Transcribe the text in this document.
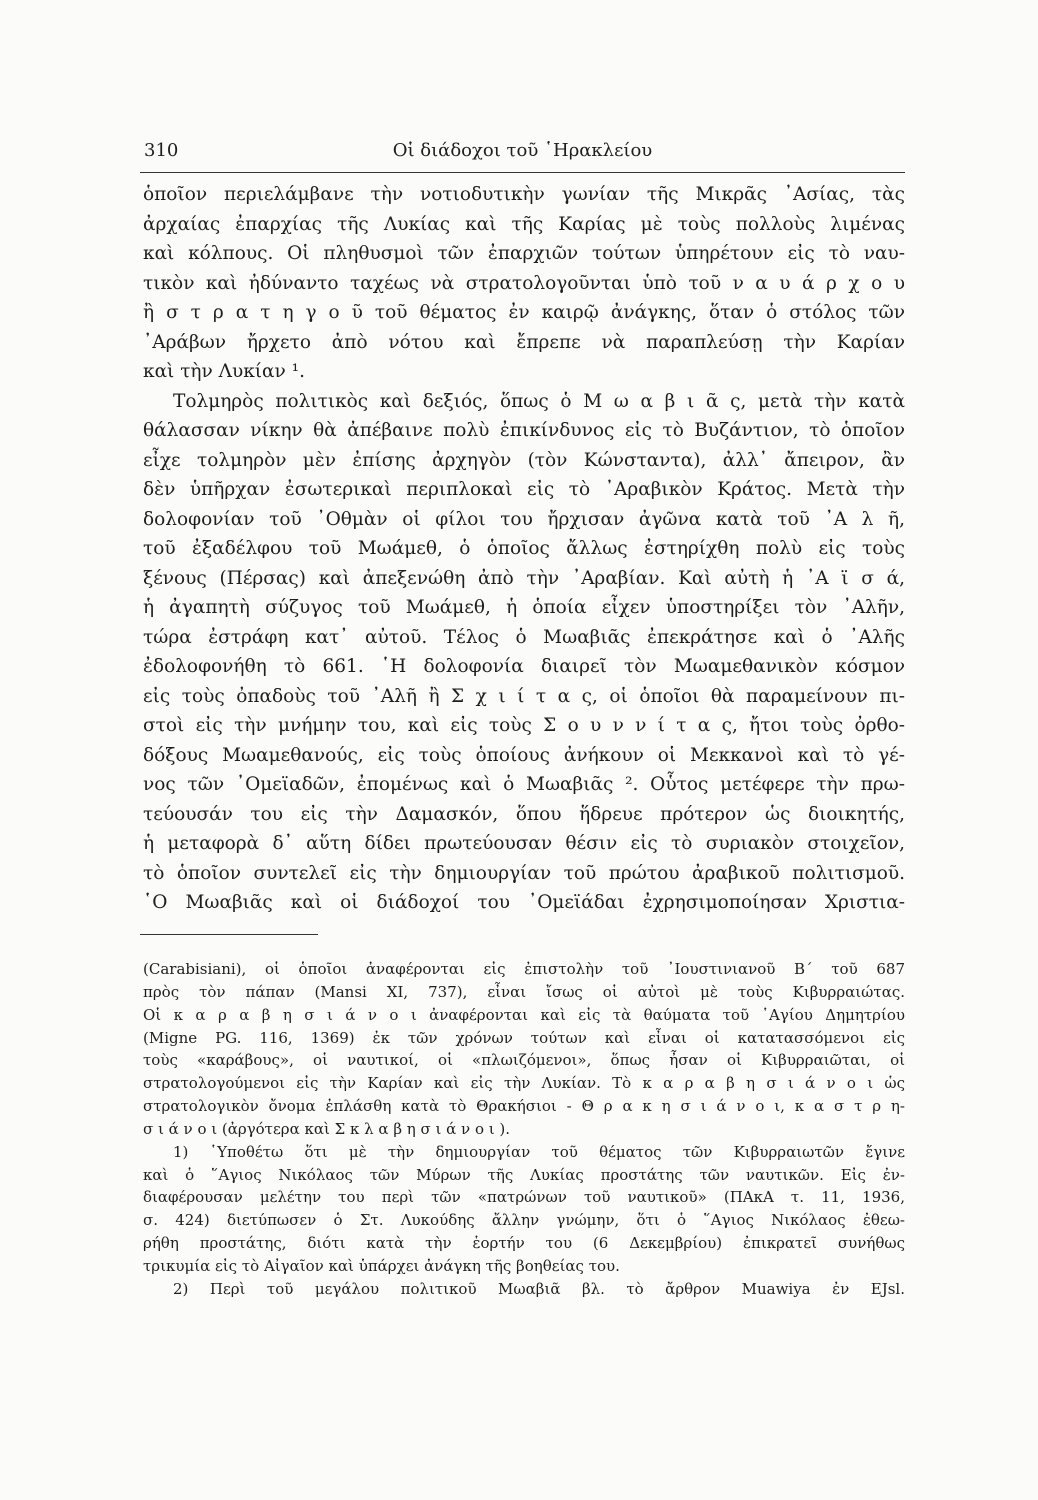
310	Οἱ διάδοχοι τοῦ ῾Ηρακλείου
ὁποῖον περιελάμβανε τὴν νοτιοδυτικὴν γωνίαν τῆς Μικρᾶς ᾿Ασίας, τὰς
ἀρχαίας ἐπαρχίας τῆς Λυκίας καὶ τῆς Καρίας μὲ τοὺς πολλοὺς λιμένας
καὶ κόλπους. Οἱ πληθυσμοὶ τῶν ἐπαρχιῶν τούτων ὑπηρέτουν εἰς τὸ ναυ-
τικὸν καὶ ἠδύναντο ταχέως νὰ στρατολογοῦνται ὑπὸ τοῦ ν α υ ά ρ χ ο υ
ἢ σ τ ρ α τ η γ ο ῦ τοῦ θέματος ἐν καιρῷ ἀνάγκης, ὅταν ὁ στόλος τῶν
᾿Αράβων ἤρχετο ἀπὸ νότου καὶ ἔπρεπε νὰ παραπλεύσῃ τὴν Καρίαν
καὶ τὴν Λυκίαν ¹.
Τολμηρὸς πολιτικὸς καὶ δεξιός, ὅπως ὁ Μ ω α β ι ᾶ ς, μετὰ τὴν κατὰ
θάλασσαν νίκην θὰ ἀπέβαινε πολὺ ἐπικίνδυνος εἰς τὸ Βυζάντιον, τὸ ὁποῖον
εἶχε τολμηρὸν μὲν ἐπίσης ἀρχηγὸν (τὸν Κώνσταντα), ἀλλ᾿ ἄπειρον, ἂν
δὲν ὑπῆρχαν ἐσωτερικαὶ περιπλοκαὶ εἰς τὸ ᾿Αραβικὸν Κράτος. Μετὰ τὴν
δολοφονίαν τοῦ ᾿Οθμὰν οἱ φίλοι του ἤρχισαν ἀγῶνα κατὰ τοῦ ᾿Α λ ῆ,
τοῦ ἐξαδέλφου τοῦ Μωάμεθ, ὁ ὁποῖος ἄλλως ἐστηρίχθη πολὺ εἰς τοὺς
ξένους (Πέρσας) καὶ ἀπεξενώθη ἀπὸ τὴν ᾿Αραβίαν. Καὶ αὐτὴ ἡ ᾿Α ϊ σ ά,
ἡ ἀγαπητὴ σύζυγος τοῦ Μωάμεθ, ἡ ὁποία εἶχεν ὑποστηρίξει τὸν ᾿Αλῆν,
τώρα ἐστράφη κατ᾿ αὐτοῦ. Τέλος ὁ Μωαβιᾶς ἐπεκράτησε καὶ ὁ ᾿Αλῆς
ἐδολοφονήθη τὸ 661. ῾Η δολοφονία διαιρεῖ τὸν Μωαμεθανικὸν κόσμον
εἰς τοὺς ὀπαδοὺς τοῦ ᾿Αλῆ ἢ Σ χ ι ί τ α ς, οἱ ὁποῖοι θὰ παραμείνουν πι-
στοὶ εἰς τὴν μνήμην του, καὶ εἰς τοὺς Σ ο υ ν ν ί τ α ς, ἤτοι τοὺς ὀρθο-
δόξους Μωαμεθανούς, εἰς τοὺς ὁποίους ἀνήκουν οἱ Μεκκανοὶ καὶ τὸ γέ-
νος τῶν ᾿Ομεϊαδῶν, ἐπομένως καὶ ὁ Μωαβιᾶς ². Οὗτος μετέφερε τὴν πρω-
τεύουσάν του εἰς τὴν Δαμασκόν, ὅπου ἥδρευε πρότερον ὡς διοικητής,
ἡ μεταφορὰ δ᾿ αὕτη δίδει πρωτεύουσαν θέσιν εἰς τὸ συριακὸν στοιχεῖον,
τὸ ὁποῖον συντελεῖ εἰς τὴν δημιουργίαν τοῦ πρώτου ἀραβικοῦ πολιτισμοῦ.
῾Ο Μωαβιᾶς καὶ οἱ διάδοχοί του ᾿Ομεϊάδαι ἐχρησιμοποίησαν Χριστια-
(Carabisiani), οἱ ὁποῖοι ἀναφέρονται εἰς ἐπιστολὴν τοῦ ᾿Ιουστινιανοῦ Β΄ τοῦ 687
πρὸς τὸν πάπαν (Mansi XI, 737), εἶναι ἴσως οἱ αὐτοὶ μὲ τοὺς Κιβυρραιώτας.
Οἱ κ α ρ α β η σ ι ά ν ο ι ἀναφέρονται καὶ εἰς τὰ θαύματα τοῦ ῾Αγίου Δημητρίου
(Migne PG. 116, 1369) ἐκ τῶν χρόνων τούτων καὶ εἶναι οἱ κατατασσόμενοι εἰς
τοὺς «καράβους», οἱ ναυτικοί, οἱ «πλωιζόμενοι», ὅπως ἦσαν οἱ Κιβυρραιῶται, οἱ
στρατολογούμενοι εἰς τὴν Καρίαν καὶ εἰς τὴν Λυκίαν. Τὸ κ α ρ α β η σ ι ά ν ο ι ὡς
στρατολογικὸν ὄνομα ἐπλάσθη κατὰ τὸ Θρακήσιοι - Θ ρ α κ η σ ι ά ν ο ι, κ α σ τ ρ η-
σ ι ά ν ο ι (ἀργότερα καὶ Σ κ λ α β η σ ι ά ν ο ι ).
1) ῾Υποθέτω ὅτι μὲ τὴν δημιουργίαν τοῦ θέματος τῶν Κιβυρραιωτῶν ἔγινε
καὶ ὁ ῞Αγιος Νικόλαος τῶν Μύρων τῆς Λυκίας προστάτης τῶν ναυτικῶν. Εἰς ἐν-
διαφέρουσαν μελέτην του περὶ τῶν «πατρώνων τοῦ ναυτικοῦ» (ΠΑκΑ τ. 11, 1936,
σ. 424) διετύπωσεν ὁ Στ. Λυκούδης ἄλλην γνώμην, ὅτι ὁ ῞Αγιος Νικόλαος ἐθεω-
ρήθη προστάτης, διότι κατὰ τὴν ἑορτήν του (6 Δεκεμβρίου) ἐπικρατεῖ συνήθως
τρικυμία εἰς τὸ Αἰγαῖον καὶ ὑπάρχει ἀνάγκη τῆς βοηθείας του.
2) Περὶ τοῦ μεγάλου πολιτικοῦ Μωαβιᾶ βλ. τὸ ἄρθρον Muawiya ἐν EJsl.
